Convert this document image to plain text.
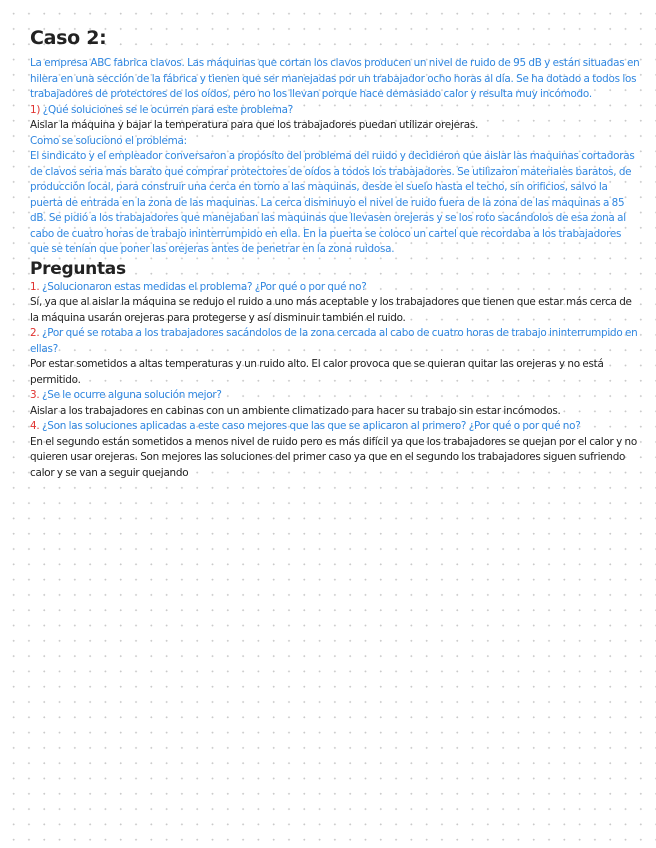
Caso 2:

La empresa ABC fabrica clavos. Las máquinas que cortan los clavos producen un nivel de ruido de 95 dB y están situadas en hilera en una sección de la fábrica y tienen que ser manejadas por un trabajador ocho horas al día. Se ha dotado a todos los trabajadores de protectores de los oídos, pero no los llevan porque hace demasiado calor y resulta muy incómodo.

1) ¿Qué soluciones se le ocurren para este problema?

Aislar la máquina y bajar la temperatura para que los trabajadores puedan utilizar orejeras.

Como se soluciono el problema:

El sindicato y el empleador conversaron a propósito del problema del ruido y decidieron que aislar las maquinas cortadoras de clavos seria mas barato que comprar protectores de oídos a todos los trabajadores. Se utilizaron materiales baratos, de producción local, para construir una cerca en torno a las maquinas, desde el suelo hasta el techo, sin orificios, salvo la puerta de entrada en la zona de las maquinas. La cerca disminuyo el nivel de ruido fuera de la zona de las maquinas a 85 dB. Se pidió a los trabajadores que manejaban las maquinas que llevasen orejeras y se los roto sacándolos de esa zona al cabo de cuatro horas de trabajo ininterrumpido en ella. En la puerta se coloco un cartel que recordaba a los trabajadores que se tenían que poner las orejeras antes de penetrar en la zona ruidosa.

Preguntas

1. ¿Solucionaron estas medidas el problema? ¿Por qué o por qué no?

Sí, ya que al aislar la máquina se redujo el ruido a uno más aceptable y los trabajadores que tienen que estar más cerca de la máquina usarán orejeras para protegerse y así disminuir también el ruido.

2. ¿Por qué se rotaba a los trabajadores sacándolos de la zona cercada al cabo de cuatro horas de trabajo ininterrumpido en ellas?

Por estar sometidos a altas temperaturas y un ruido alto. El calor provoca que se quieran quitar las orejeras y no está permitido.

3. ¿Se le ocurre alguna solución mejor?

Aislar a los trabajadores en cabinas con un ambiente climatizado para hacer su trabajo sin estar incómodos.

4. ¿Son las soluciones aplicadas a este caso mejores que las que se aplicaron al primero? ¿Por qué o por qué no?

En el segundo están sometidos a menos nivel de ruido pero es más difícil ya que los trabajadores se quejan por el calor y no quieren usar orejeras. Son mejores las soluciones del primer caso ya que en el segundo los trabajadores siguen sufriendo calor y se van a seguir quejando
